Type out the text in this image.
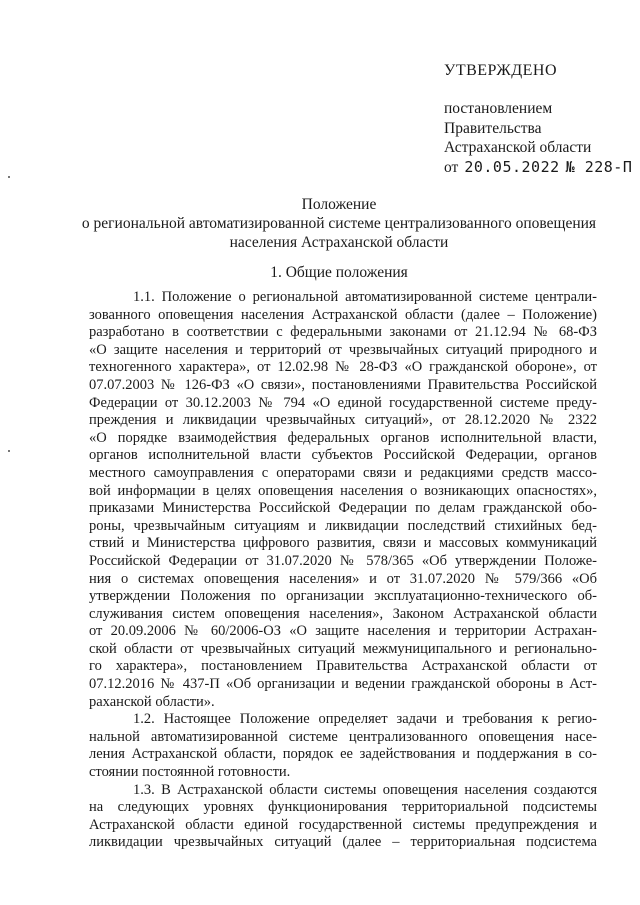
УТВЕРЖДЕНО
постановлением
Правительства
Астраханской области
от 20.05.2022 № 228-П
Положение
о региональной автоматизированной системе централизованного оповещения
населения Астраханской области
1. Общие положения
1.1. Положение о региональной автоматизированной системе централи-
зованного оповещения населения Астраханской области (далее – Положение)
разработано в соответствии с федеральными законами от 21.12.94 № 68-ФЗ
«О защите населения и территорий от чрезвычайных ситуаций природного и
техногенного характера», от 12.02.98 № 28-ФЗ «О гражданской обороне», от
07.07.2003 № 126-ФЗ «О связи», постановлениями Правительства Российской
Федерации от 30.12.2003 № 794 «О единой государственной системе преду-
преждения и ликвидации чрезвычайных ситуаций», от 28.12.2020 № 2322
«О порядке взаимодействия федеральных органов исполнительной власти,
органов исполнительной власти субъектов Российской Федерации, органов
местного самоуправления с операторами связи и редакциями средств массо-
вой информации в целях оповещения населения о возникающих опасностях»,
приказами Министерства Российской Федерации по делам гражданской обо-
роны, чрезвычайным ситуациям и ликвидации последствий стихийных бед-
ствий и Министерства цифрового развития, связи и массовых коммуникаций
Российской Федерации от 31.07.2020 № 578/365 «Об утверждении Положе-
ния о системах оповещения населения» и от 31.07.2020 № 579/366 «Об
утверждении Положения по организации эксплуатационно-технического об-
служивания систем оповещения населения», Законом Астраханской области
от 20.09.2006 № 60/2006-ОЗ «О защите населения и территории Астрахан-
ской области от чрезвычайных ситуаций межмуниципального и регионально-
го характера», постановлением Правительства Астраханской области от
07.12.2016 № 437-П «Об организации и ведении гражданской обороны в Аст-
раханской области».
1.2. Настоящее Положение определяет задачи и требования к регио-
нальной автоматизированной системе централизованного оповещения насе-
ления Астраханской области, порядок ее задействования и поддержания в со-
стоянии постоянной готовности.
1.3. В Астраханской области системы оповещения населения создаются
на следующих уровнях функционирования территориальной подсистемы
Астраханской области единой государственной системы предупреждения и
ликвидации чрезвычайных ситуаций (далее – территориальная подсистема
